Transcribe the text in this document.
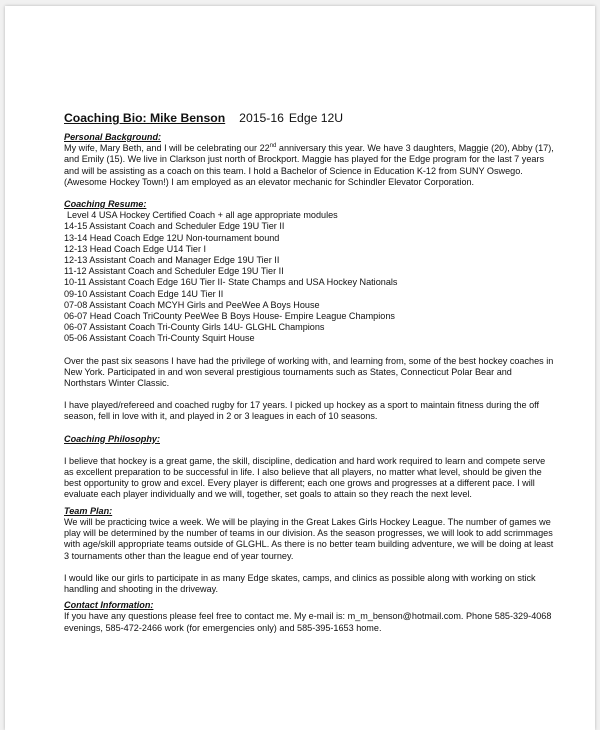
Coaching Bio: Mike Benson 2015-16 Edge 12U
Personal Background:

My wife, Mary Beth, and I will be celebrating our 22nd anniversary this year. We have 3 daughters, Maggie (20), Abby (17), and Emily (15). We live in Clarkson just north of Brockport. Maggie has played for the Edge program for the last 7 years and will be assisting as a coach on this team. I hold a Bachelor of Science in Education K-12 from SUNY Oswego. (Awesome Hockey Town!) I am employed as an elevator mechanic for Schindler Elevator Corporation.

Coaching Resume:
Level 4 USA Hockey Certified Coach + all age appropriate modules
14-15 Assistant Coach and Scheduler Edge 19U Tier II
13-14 Head Coach Edge 12U Non-tournament bound
12-13 Head Coach Edge U14 Tier I
12-13 Assistant Coach and Manager Edge 19U Tier II
11-12 Assistant Coach and Scheduler Edge 19U Tier II
10-11 Assistant Coach Edge 16U Tier II- State Champs and USA Hockey Nationals
09-10 Assistant Coach Edge 14U Tier II
07-08 Assistant Coach MCYH Girls and PeeWee A Boys House
06-07 Head Coach TriCounty PeeWee B Boys House- Empire League Champions
06-07 Assistant Coach Tri-County Girls 14U- GLGHL Champions
05-06 Assistant Coach Tri-County Squirt House

Over the past six seasons I have had the privilege of working with, and learning from, some of the best hockey coaches in New York. Participated in and won several prestigious tournaments such as States, Connecticut Polar Bear and Northstars Winter Classic.

I have played/refereed and coached rugby for 17 years. I picked up hockey as a sport to maintain fitness during the off season, fell in love with it, and played in 2 or 3 leagues in each of 10 seasons.

Coaching Philosophy:

I believe that hockey is a great game, the skill, discipline, dedication and hard work required to learn and compete serve as excellent preparation to be successful in life. I also believe that all players, no matter what level, should be given the best opportunity to grow and excel. Every player is different; each one grows and progresses at a different pace. I will evaluate each player individually and we will, together, set goals to attain so they reach the next level.

Team Plan:

We will be practicing twice a week. We will be playing in the Great Lakes Girls Hockey League. The number of games we play will be determined by the number of teams in our division. As the season progresses, we will look to add scrimmages with age/skill appropriate teams outside of GLGHL. As there is no better team building adventure, we will be doing at least 3 tournaments other than the league end of year tourney.

I would like our girls to participate in as many Edge skates, camps, and clinics as possible along with working on stick handling and shooting in the driveway.

Contact Information:

If you have any questions please feel free to contact me. My e-mail is: m_m_benson@hotmail.com. Phone 585-329-4068 evenings, 585-472-2466 work (for emergencies only) and 585-395-1653 home.
